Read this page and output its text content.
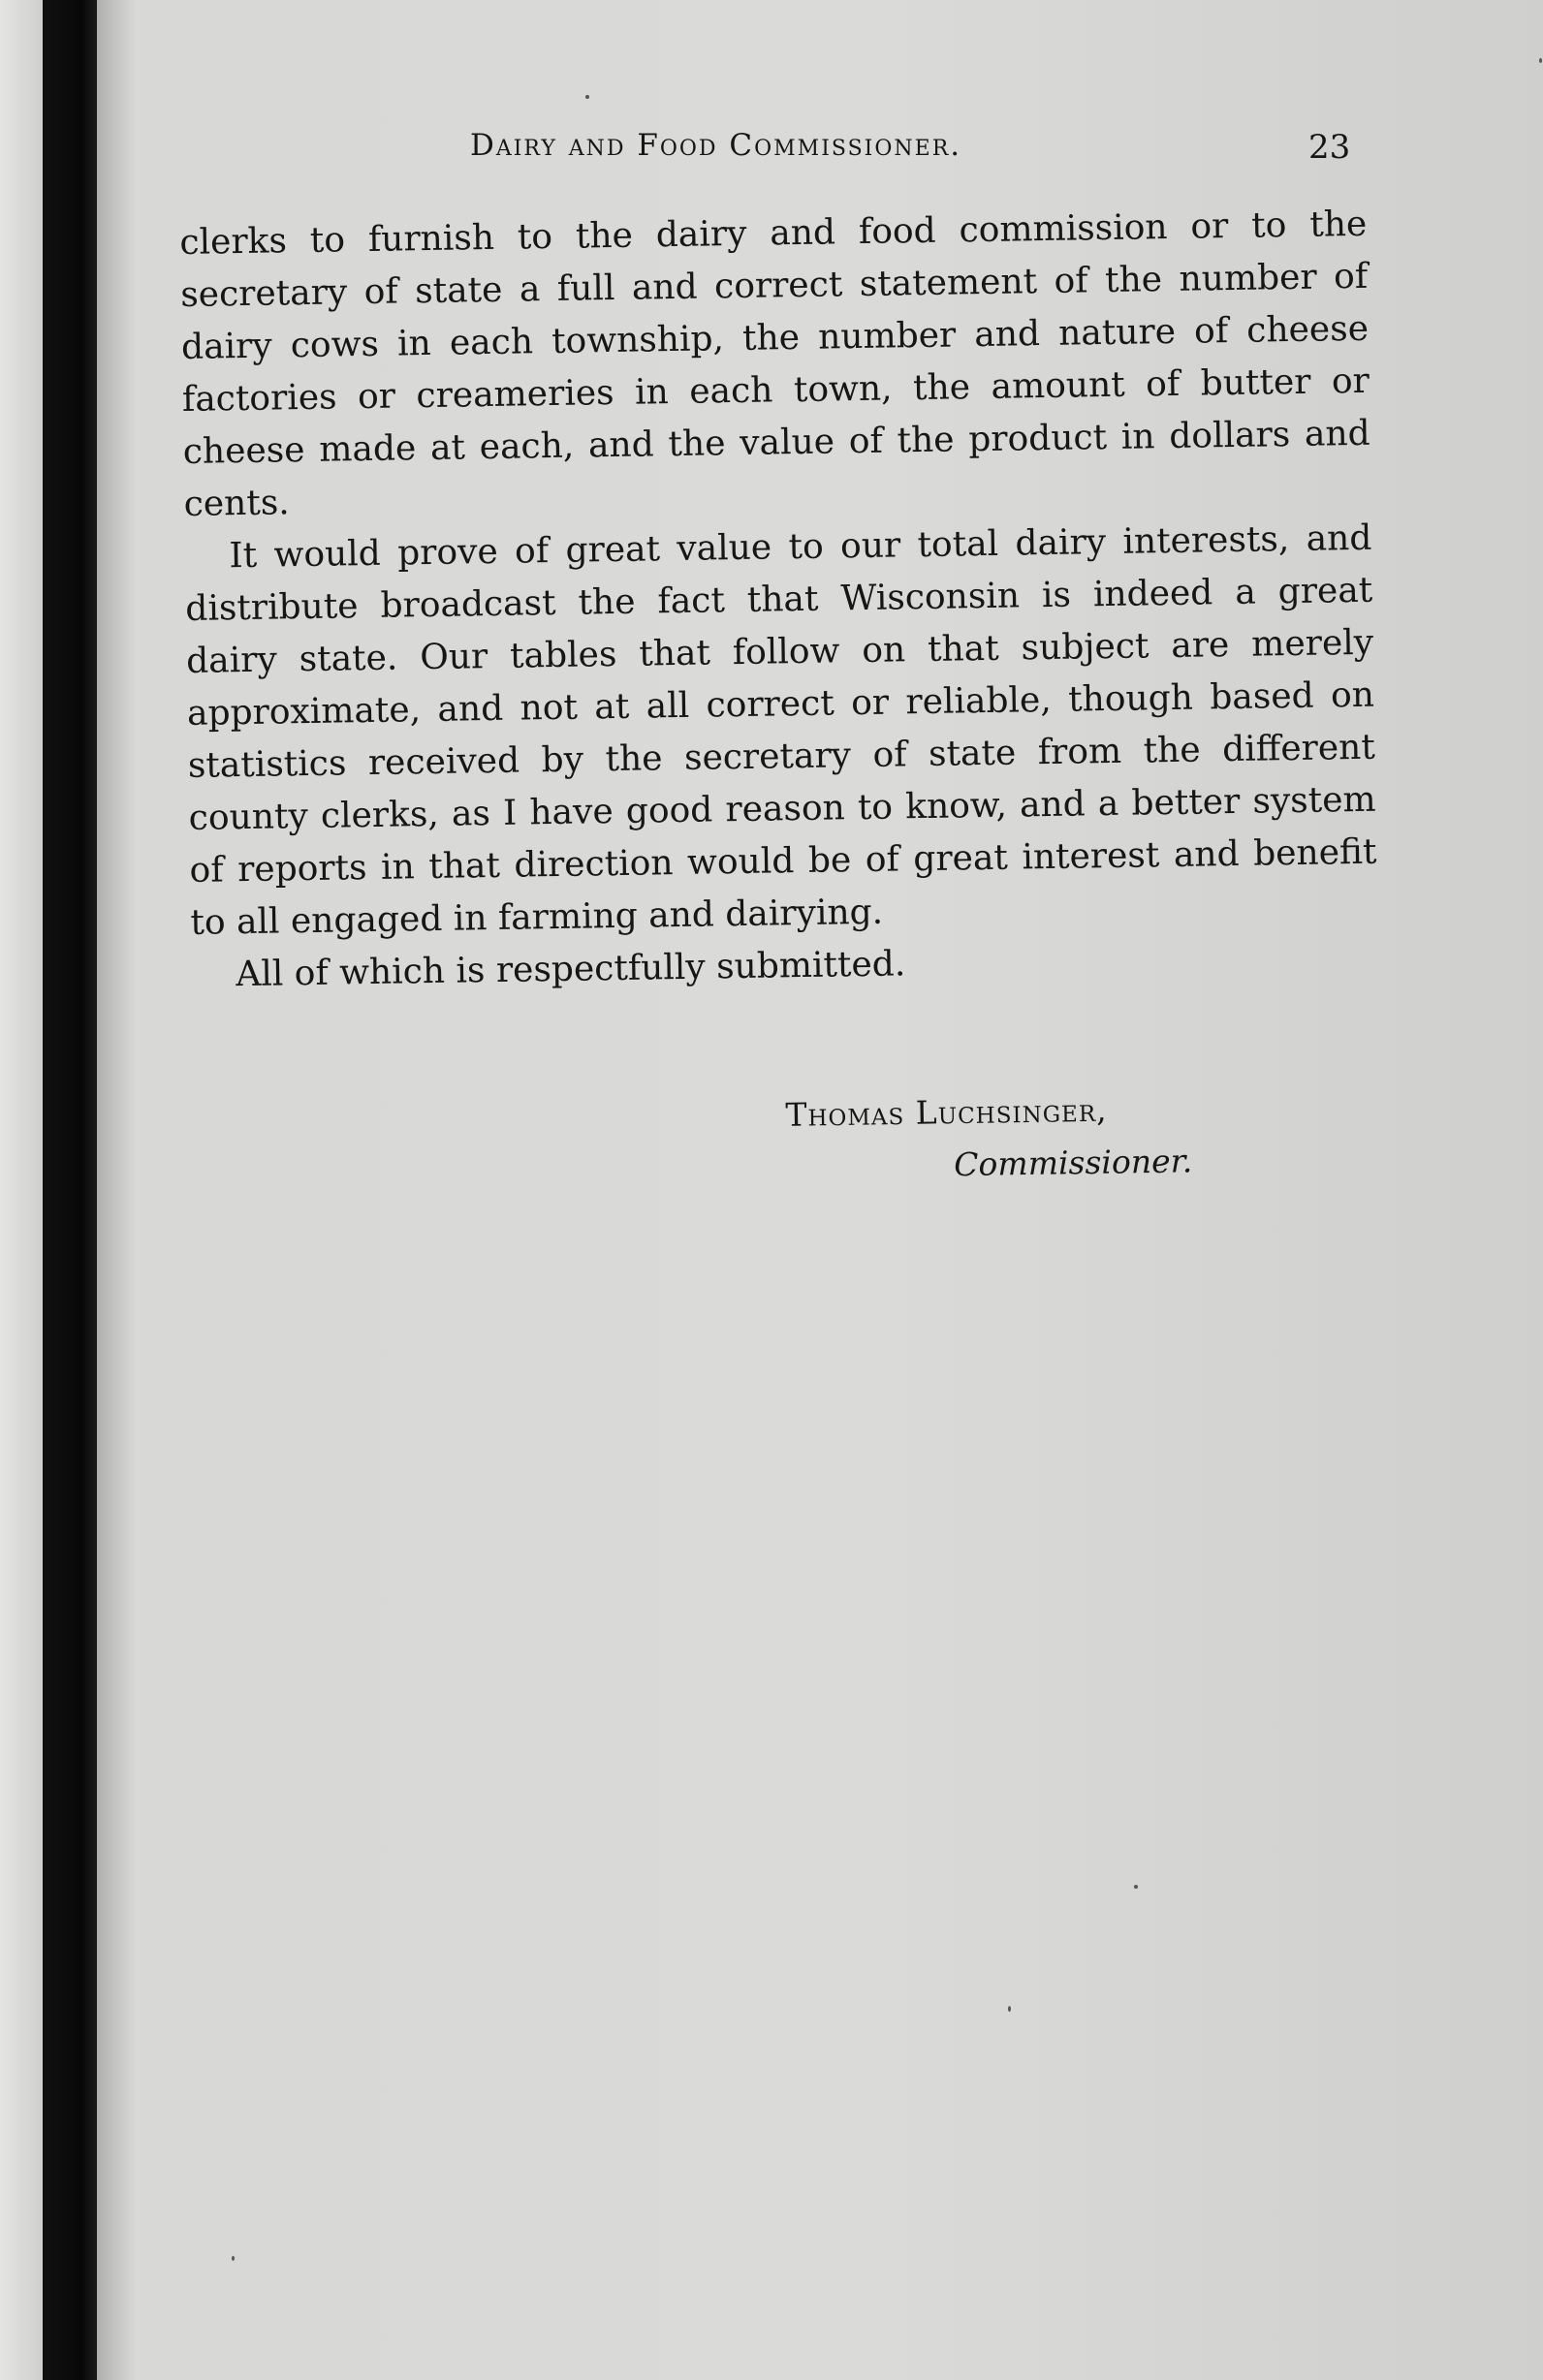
Dairy and Food Commissioner.	23

clerks to furnish to the dairy and food commission or to the secretary of state a full and correct statement of the number of dairy cows in each township, the number and nature of cheese factories or creameries in each town, the amount of butter or cheese made at each, and the value of the product in dollars and cents.

It would prove of great value to our total dairy interests, and distribute broadcast the fact that Wisconsin is indeed a great dairy state. Our tables that follow on that subject are merely approximate, and not at all correct or reliable, though based on statistics received by the secretary of state from the different county clerks, as I have good reason to know, and a better system of reports in that direction would be of great interest and benefit to all engaged in farming and dairying.

All of which is respectfully submitted.

Thomas Luchsinger,
Commissioner.
